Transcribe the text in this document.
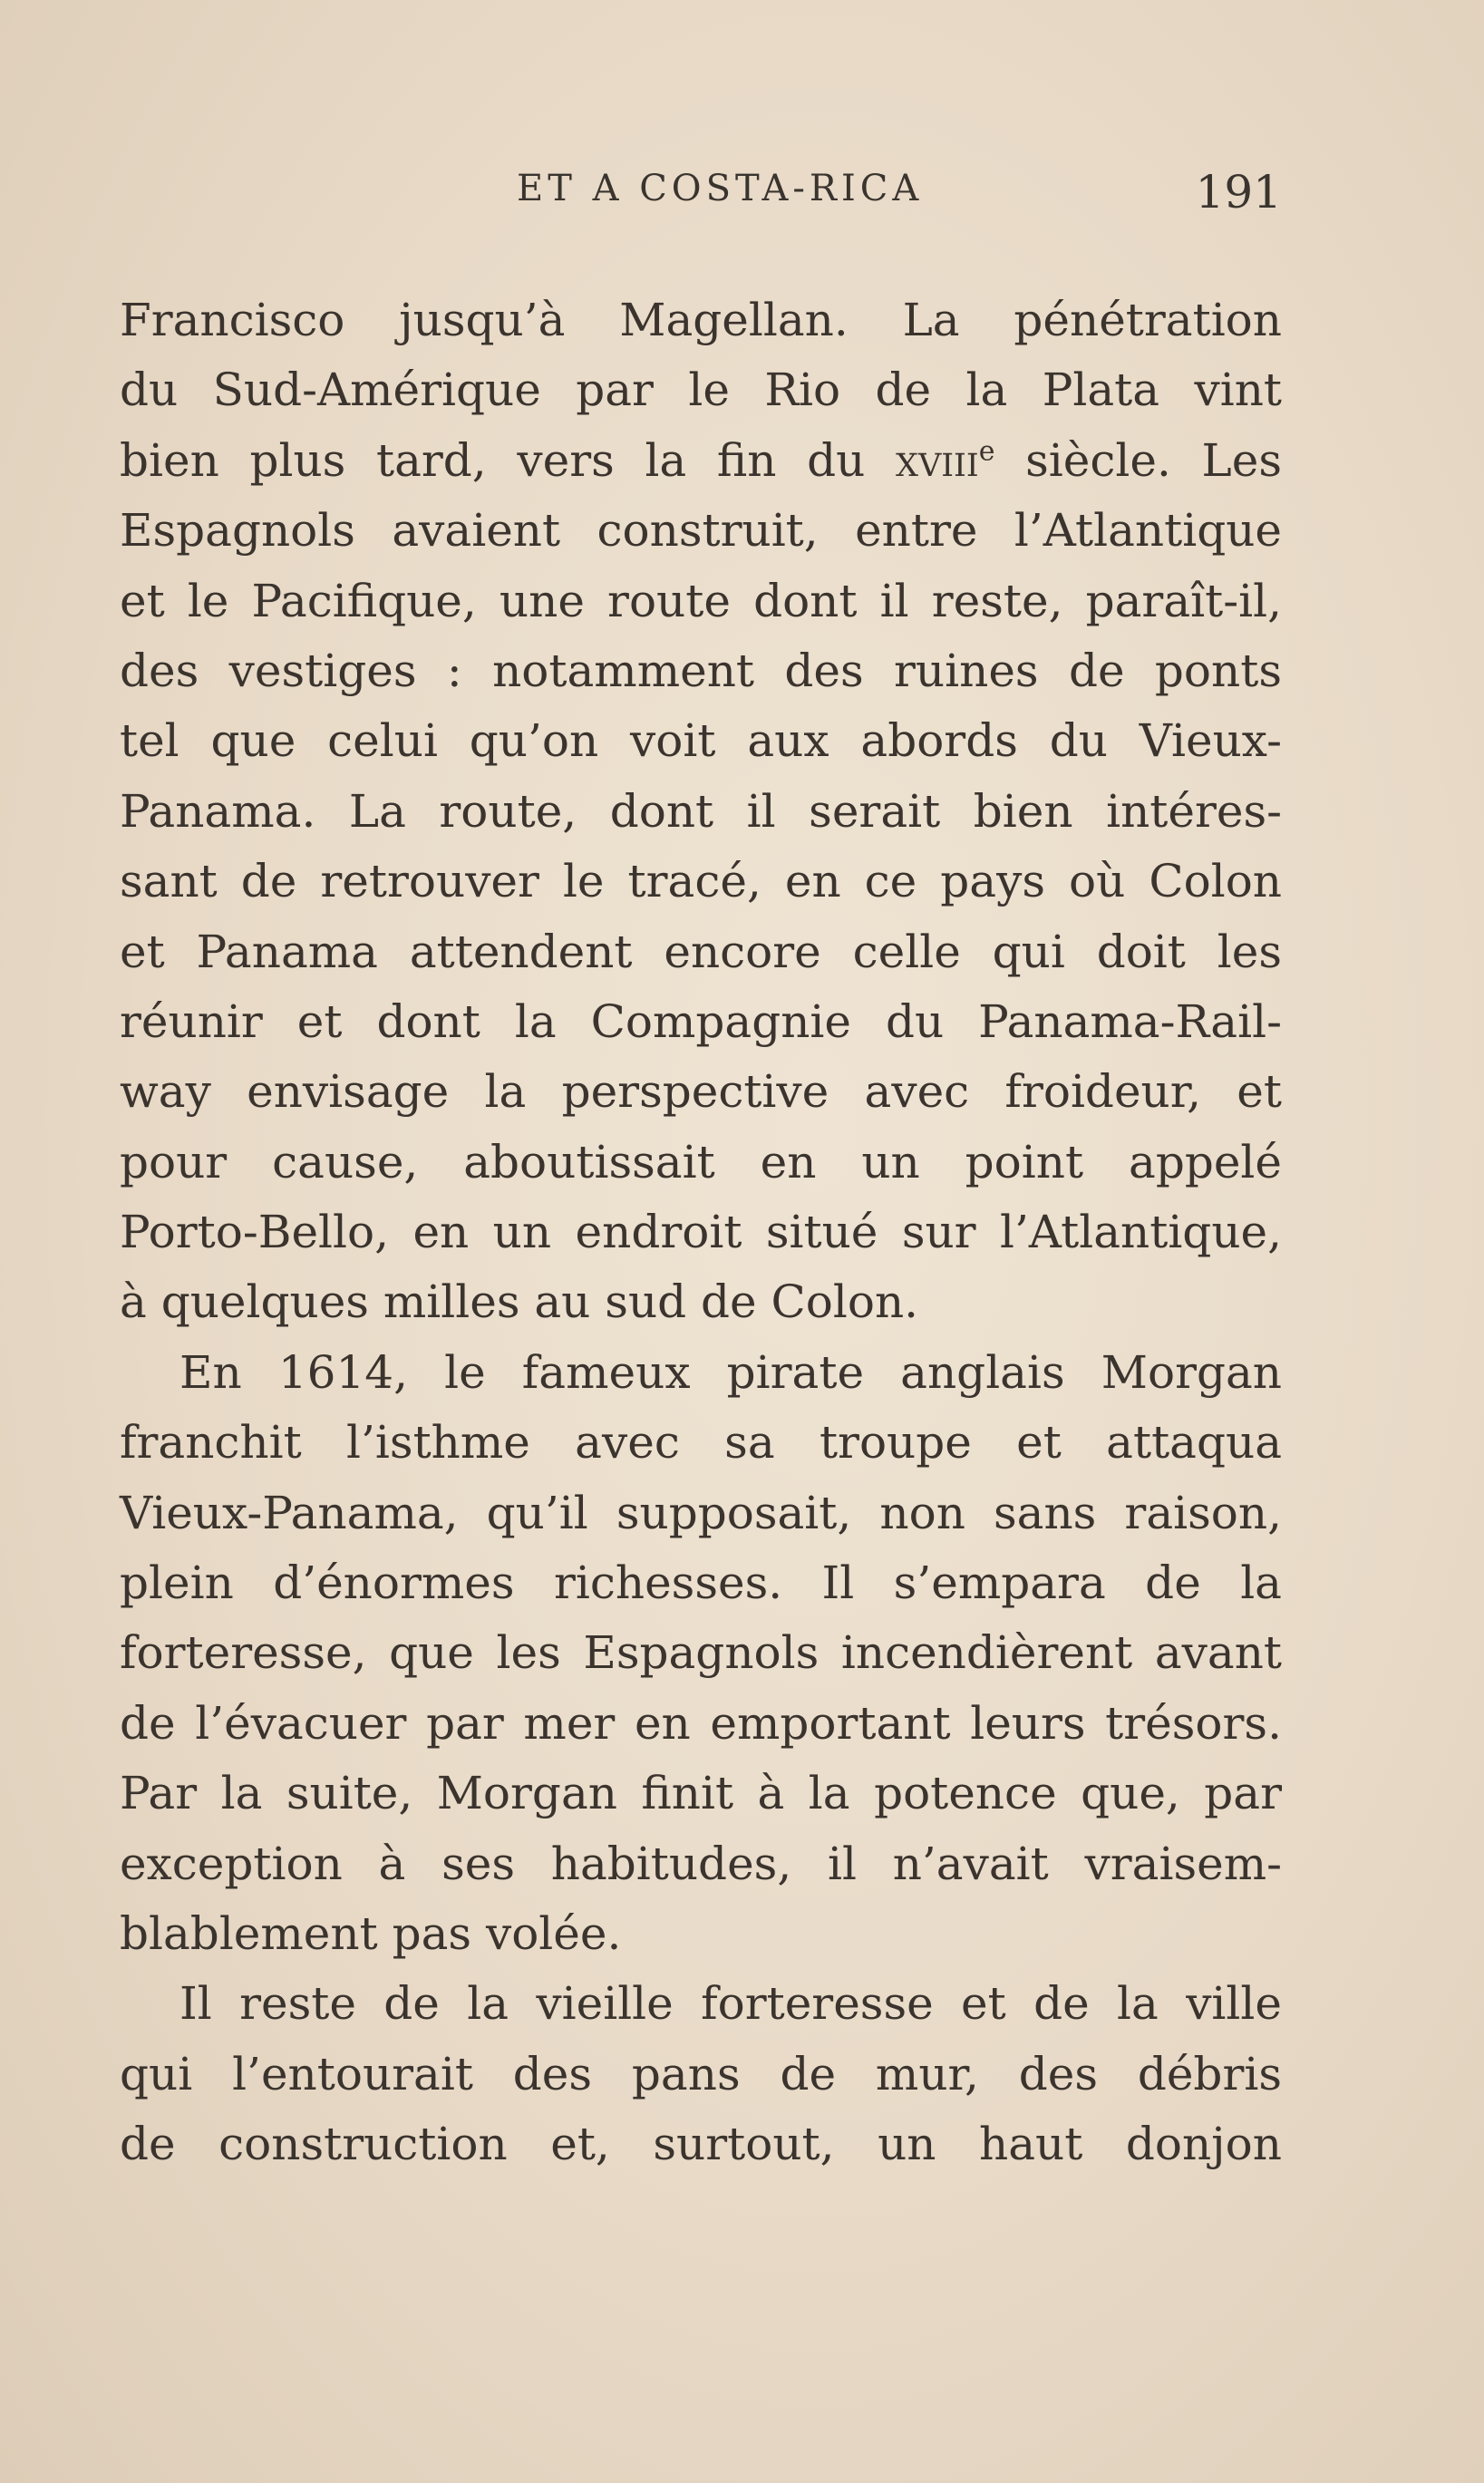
ET A COSTA-RICA	191
Francisco jusqu’à Magellan. La pénétration
du Sud-Amérique par le Rio de la Plata vint
bien plus tard, vers la fin du xviii$^e$ siècle. Les
Espagnols avaient construit, entre l’Atlantique
et le Pacifique, une route dont il reste, paraît-il,
des vestiges : notamment des ruines de ponts
tel que celui qu’on voit aux abords du Vieux-
Panama. La route, dont il serait bien intéres-
sant de retrouver le tracé, en ce pays où Colon
et Panama attendent encore celle qui doit les
réunir et dont la Compagnie du Panama-Rail-
way envisage la perspective avec froideur, et
pour cause, aboutissait en un point appelé
Porto-Bello, en un endroit situé sur l’Atlantique,
à quelques milles au sud de Colon.
En 1614, le fameux pirate anglais Morgan
franchit l’isthme avec sa troupe et attaqua
Vieux-Panama, qu’il supposait, non sans raison,
plein d’énormes richesses. Il s’empara de la
forteresse, que les Espagnols incendièrent avant
de l’évacuer par mer en emportant leurs trésors.
Par la suite, Morgan finit à la potence que, par
exception à ses habitudes, il n’avait vraisem-
blablement pas volée.
Il reste de la vieille forteresse et de la ville
qui l’entourait des pans de mur, des débris
de construction et, surtout, un haut donjon
